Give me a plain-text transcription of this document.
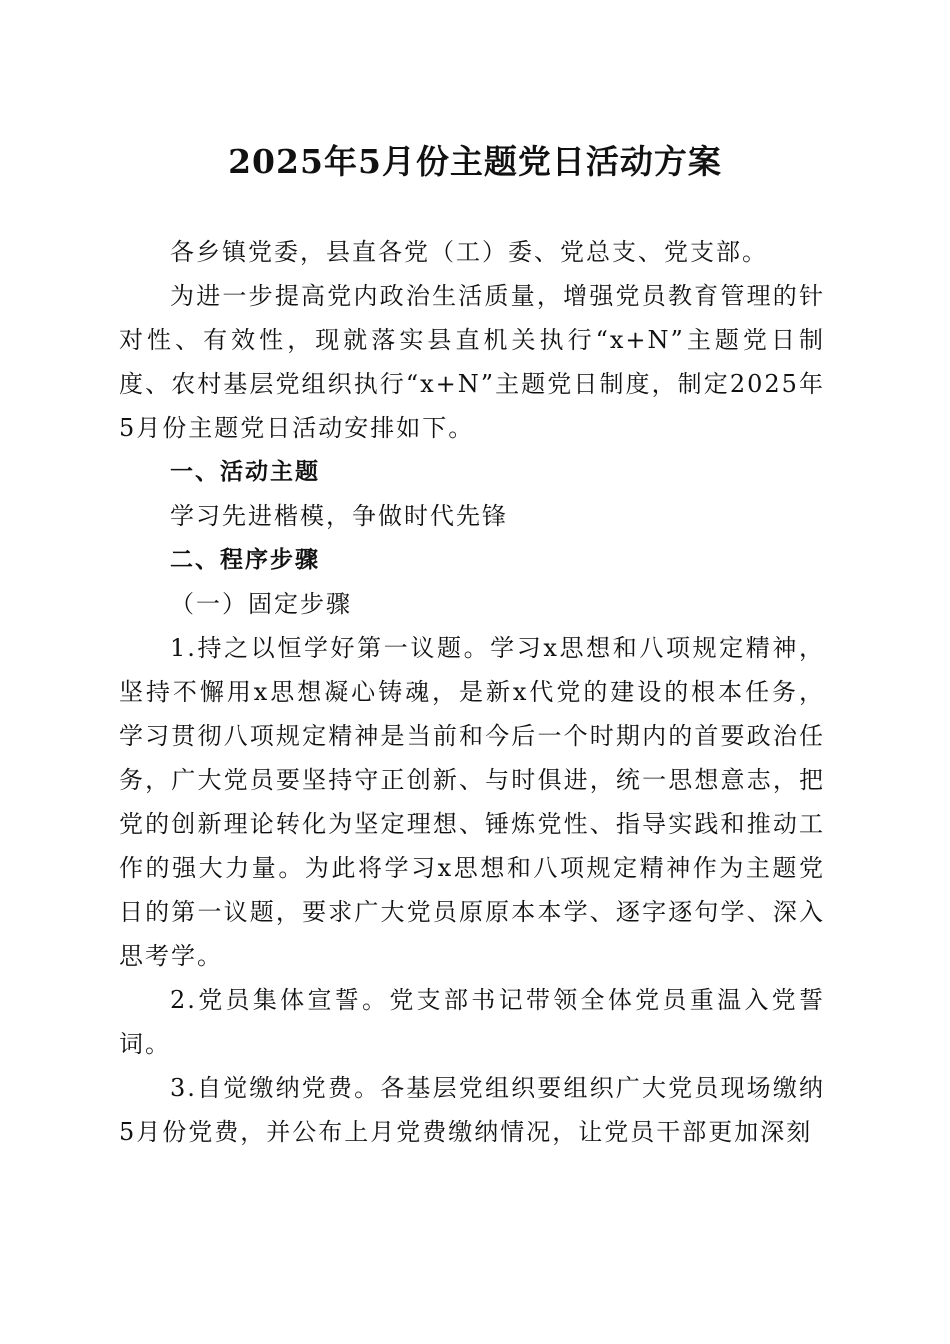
2025年5月份主题党日活动方案

各乡镇党委，县直各党（工）委、党总支、党支部。

为进一步提高党内政治生活质量，增强党员教育管理的针对性、有效性，现就落实县直机关执行“x+N”主题党日制度、农村基层党组织执行“x+N”主题党日制度，制定2025年5月份主题党日活动安排如下。

一、活动主题

学习先进楷模，争做时代先锋

二、程序步骤

（一）固定步骤

1.持之以恒学好第一议题。学习x思想和八项规定精神，坚持不懈用x思想凝心铸魂，是新x代党的建设的根本任务，学习贯彻八项规定精神是当前和今后一个时期内的首要政治任务，广大党员要坚持守正创新、与时俱进，统一思想意志，把党的创新理论转化为坚定理想、锤炼党性、指导实践和推动工作的强大力量。为此将学习x思想和八项规定精神作为主题党日的第一议题，要求广大党员原原本本学、逐字逐句学、深入思考学。

2.党员集体宣誓。党支部书记带领全体党员重温入党誓词。

3.自觉缴纳党费。各基层党组织要组织广大党员现场缴纳5月份党费，并公布上月党费缴纳情况，让党员干部更加深刻
